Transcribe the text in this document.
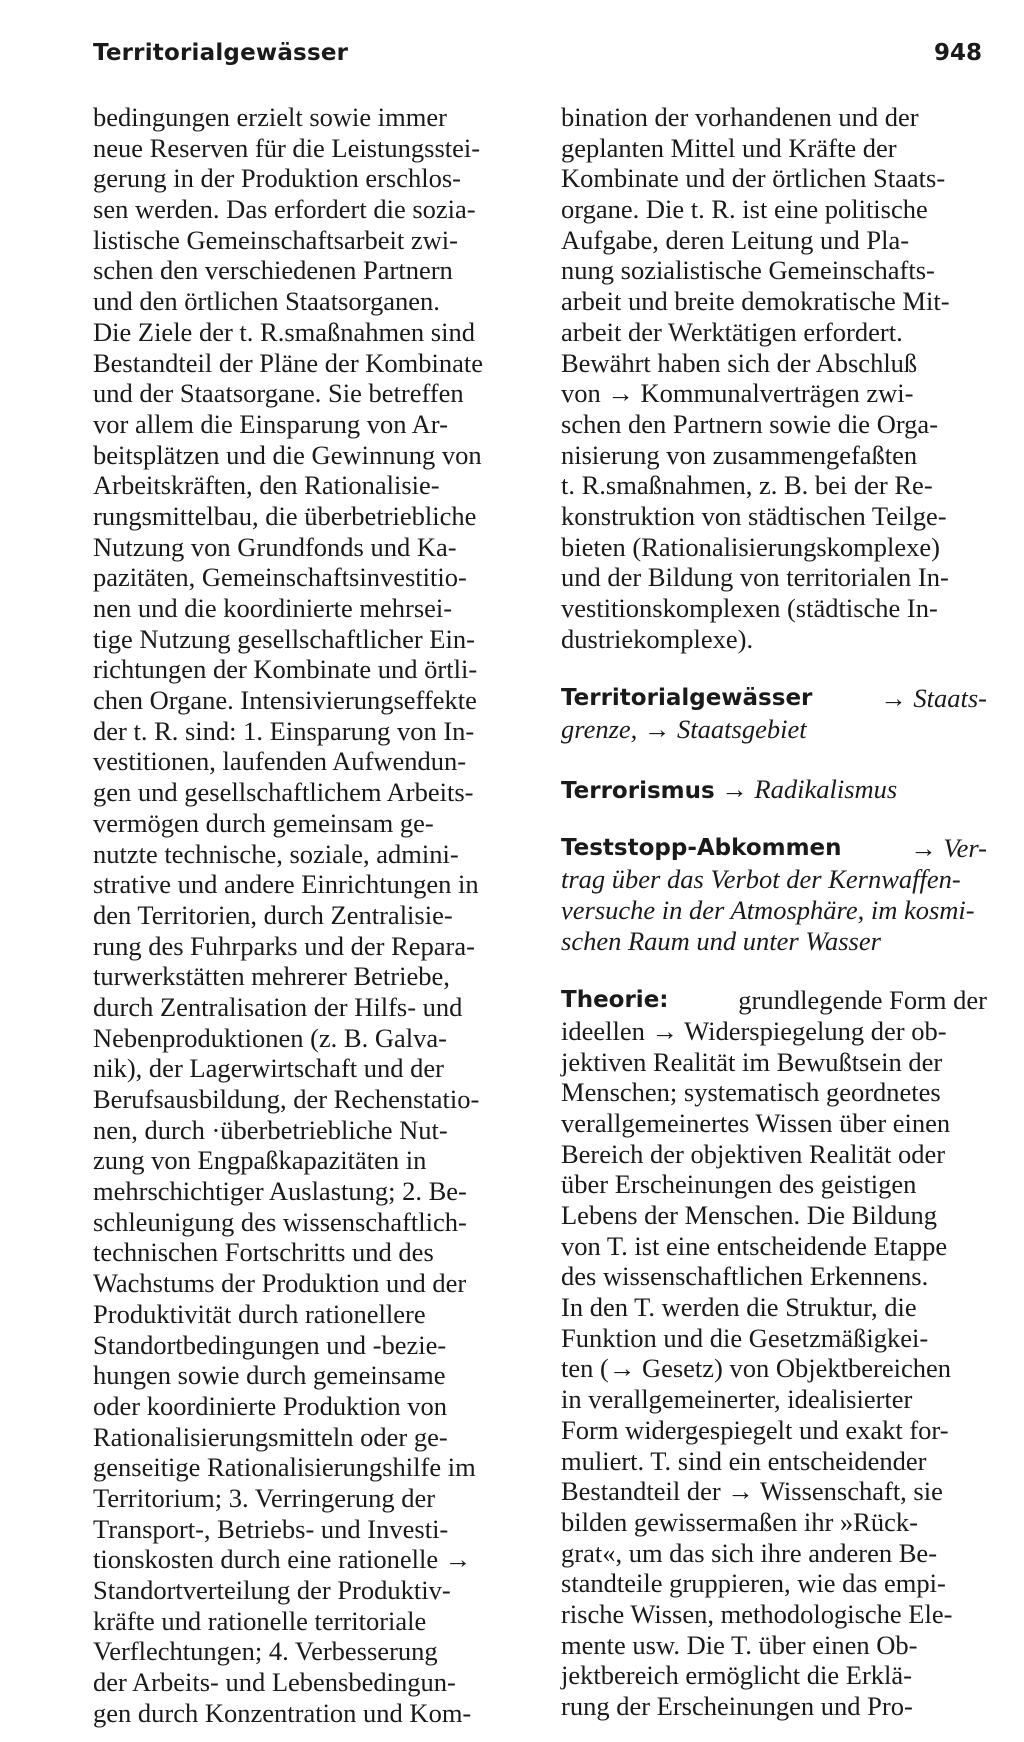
Territorialgewässer	948
bedingungen erzielt sowie immer
neue Reserven für die Leistungsstei-
gerung in der Produktion erschlos-
sen werden. Das erfordert die sozia-
listische Gemeinschaftsarbeit zwi-
schen den verschiedenen Partnern
und den örtlichen Staatsorganen.
Die Ziele der t. R.smaßnahmen sind
Bestandteil der Pläne der Kombinate
und der Staatsorgane. Sie betreffen
vor allem die Einsparung von Ar-
beitsplätzen und die Gewinnung von
Arbeitskräften, den Rationalisie-
rungsmittelbau, die überbetriebliche
Nutzung von Grundfonds und Ka-
pazitäten, Gemeinschaftsinvestitio-
nen und die koordinierte mehrsei-
tige Nutzung gesellschaftlicher Ein-
richtungen der Kombinate und örtli-
chen Organe. Intensivierungseffekte
der t. R. sind: 1. Einsparung von In-
vestitionen, laufenden Aufwendun-
gen und gesellschaftlichem Arbeits-
vermögen durch gemeinsam ge-
nutzte technische, soziale, admini-
strative und andere Einrichtungen in
den Territorien, durch Zentralisie-
rung des Fuhrparks und der Repara-
turwerkstätten mehrerer Betriebe,
durch Zentralisation der Hilfs- und
Nebenproduktionen (z. B. Galva-
nik), der Lagerwirtschaft und der
Berufsausbildung, der Rechenstatio-
nen, durch ·überbetriebliche Nut-
zung von Engpaßkapazitäten in
mehrschichtiger Auslastung; 2. Be-
schleunigung des wissenschaftlich-
technischen Fortschritts und des
Wachstums der Produktion und der
Produktivität durch rationellere
Standortbedingungen und -bezie-
hungen sowie durch gemeinsame
oder koordinierte Produktion von
Rationalisierungsmitteln oder ge-
genseitige Rationalisierungshilfe im
Territorium; 3. Verringerung der
Transport-, Betriebs- und Investi-
tionskosten durch eine rationelle →
Standortverteilung der Produktiv-
kräfte und rationelle territoriale
Verflechtungen; 4. Verbesserung
der Arbeits- und Lebensbedingun-
gen durch Konzentration und Kom-
bination der vorhandenen und der
geplanten Mittel und Kräfte der
Kombinate und der örtlichen Staats-
organe. Die t. R. ist eine politische
Aufgabe, deren Leitung und Pla-
nung sozialistische Gemeinschafts-
arbeit und breite demokratische Mit-
arbeit der Werktätigen erfordert.
Bewährt haben sich der Abschluß
von → Kommunalverträgen zwi-
schen den Partnern sowie die Orga-
nisierung von zusammengefaßten
t. R.smaßnahmen, z. B. bei der Re-
konstruktion von städtischen Teilge-
bieten (Rationalisierungskomplexe)
und der Bildung von territorialen In-
vestitionskomplexen (städtische In-
dustriekomplexe).
Territorialgewässer	→ Staats-
grenze, → Staatsgebiet
Terrorismus → Radikalismus
Teststopp-Abkommen	→ Ver-
trag über das Verbot der Kernwaffen-
versuche in der Atmosphäre, im kosmi-
schen Raum und unter Wasser
Theorie:	grundlegende Form der
ideellen → Widerspiegelung der ob-
jektiven Realität im Bewußtsein der
Menschen; systematisch geordnetes
verallgemeinertes Wissen über einen
Bereich der objektiven Realität oder
über Erscheinungen des geistigen
Lebens der Menschen. Die Bildung
von T. ist eine entscheidende Etappe
des wissenschaftlichen Erkennens.
In den T. werden die Struktur, die
Funktion und die Gesetzmäßigkei-
ten (→ Gesetz) von Objektbereichen
in verallgemeinerter, idealisierter
Form widergespiegelt und exakt for-
muliert. T. sind ein entscheidender
Bestandteil der → Wissenschaft, sie
bilden gewissermaßen ihr »Rück-
grat«, um das sich ihre anderen Be-
standteile gruppieren, wie das empi-
rische Wissen, methodologische Ele-
mente usw. Die T. über einen Ob-
jektbereich ermöglicht die Erklä-
rung der Erscheinungen und Pro-
